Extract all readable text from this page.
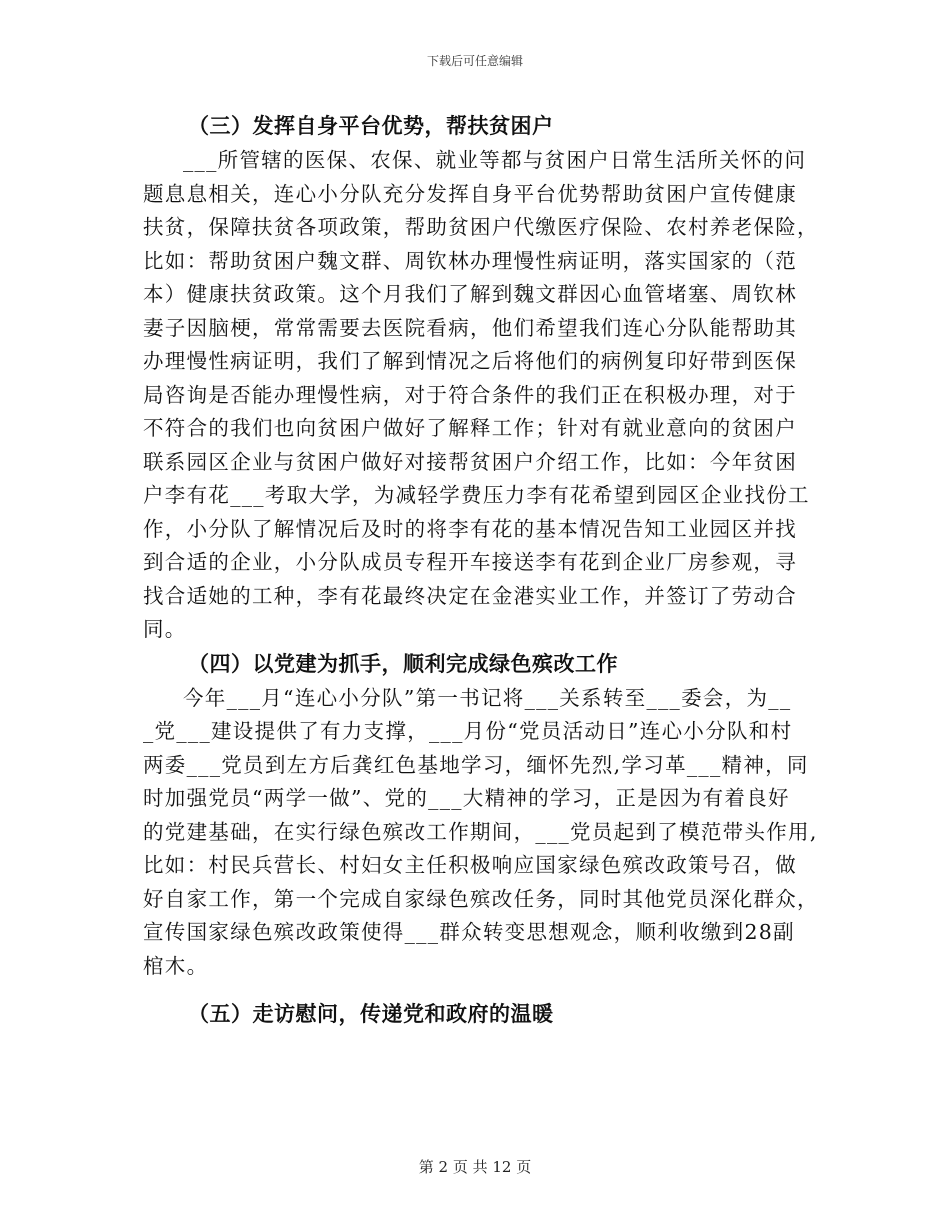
下载后可任意编辑
（三）发挥自身平台优势，帮扶贫困户
___所管辖的医保、农保、就业等都与贫困户日常生活所关怀的问
题息息相关，连心小分队充分发挥自身平台优势帮助贫困户宣传健康
扶贫，保障扶贫各项政策，帮助贫困户代缴医疗保险、农村养老保险，
比如：帮助贫困户魏文群、周钦林办理慢性病证明，落实国家的（范
本）健康扶贫政策。这个月我们了解到魏文群因心血管堵塞、周钦林
妻子因脑梗，常常需要去医院看病，他们希望我们连心分队能帮助其
办理慢性病证明，我们了解到情况之后将他们的病例复印好带到医保
局咨询是否能办理慢性病，对于符合条件的我们正在积极办理，对于
不符合的我们也向贫困户做好了解释工作；针对有就业意向的贫困户
联系园区企业与贫困户做好对接帮贫困户介绍工作，比如：今年贫困
户李有花___考取大学，为减轻学费压力李有花希望到园区企业找份工
作，小分队了解情况后及时的将李有花的基本情况告知工业园区并找
到合适的企业，小分队成员专程开车接送李有花到企业厂房参观，寻
找合适她的工种，李有花最终决定在金港实业工作，并签订了劳动合
同。
（四）以党建为抓手，顺利完成绿色殡改工作
今年___月“连心小分队”第一书记将___关系转至___委会，为__
_党___建设提供了有力支撑，___月份“党员活动日”连心小分队和村
两委___党员到左方后龚红色基地学习，缅怀先烈,学习革___精神，同
时加强党员“两学一做”、党的___大精神的学习，正是因为有着良好
的党建基础，在实行绿色殡改工作期间，___党员起到了模范带头作用,
比如：村民兵营长、村妇女主任积极响应国家绿色殡改政策号召，做
好自家工作，第一个完成自家绿色殡改任务，同时其他党员深化群众，
宣传国家绿色殡改政策使得___群众转变思想观念，顺利收缴到28副
棺木。
（五）走访慰问，传递党和政府的温暖
第 2 页 共 12 页
